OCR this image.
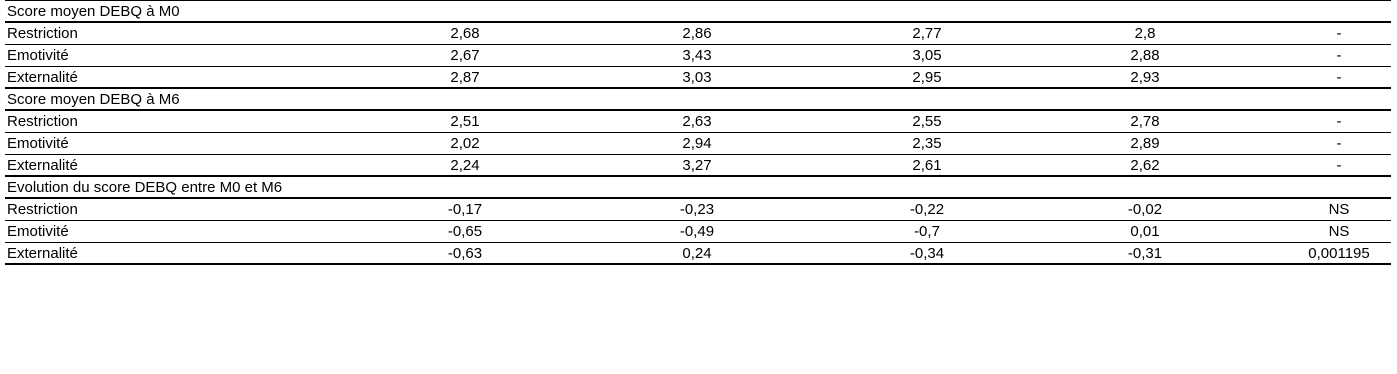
Score moyen DEBQ à M0
Restriction	2,68	2,86	2,77	2,8	-
Emotivité	2,67	3,43	3,05	2,88	-
Externalité	2,87	3,03	2,95	2,93	-
Score moyen DEBQ à M6
Restriction	2,51	2,63	2,55	2,78	-
Emotivité	2,02	2,94	2,35	2,89	-
Externalité	2,24	3,27	2,61	2,62	-
Evolution du score DEBQ entre M0 et M6
Restriction	-0,17	-0,23	-0,22	-0,02	NS
Emotivité	-0,65	-0,49	-0,7	0,01	NS
Externalité	-0,63	0,24	-0,34	-0,31	0,001195
